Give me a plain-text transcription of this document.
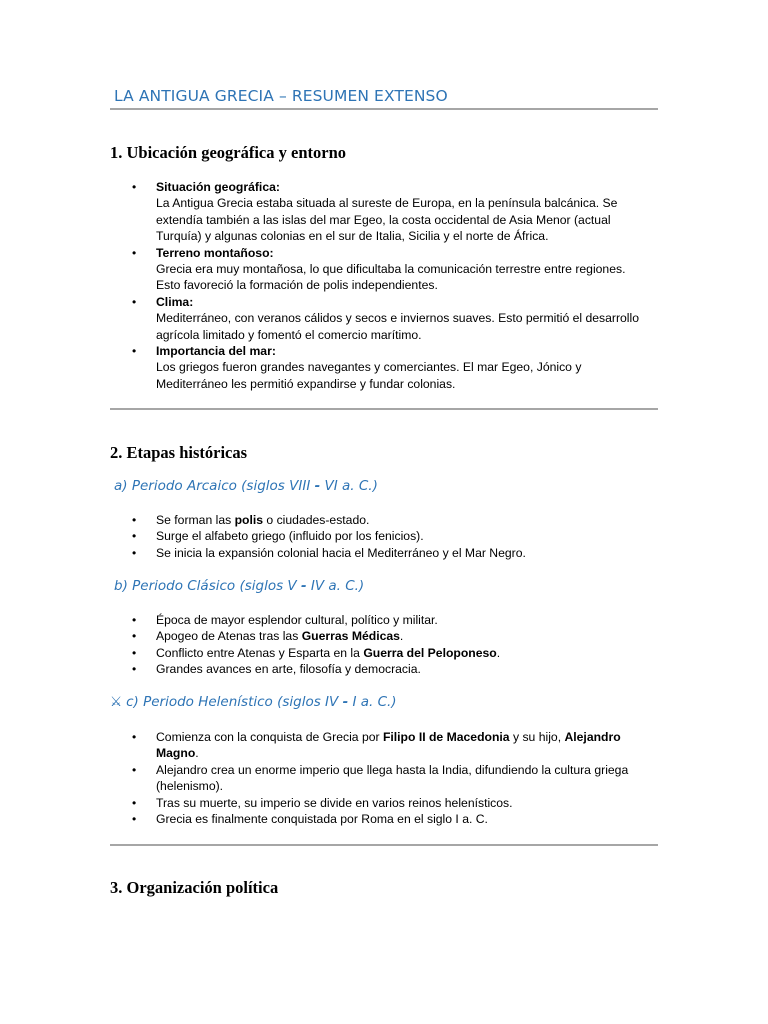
LA ANTIGUA GRECIA – RESUMEN EXTENSO
1. Ubicación geográfica y entorno
• Situación geográfica:
La Antigua Grecia estaba situada al sureste de Europa, en la península balcánica. Se extendía también a las islas del mar Egeo, la costa occidental de Asia Menor (actual Turquía) y algunas colonias en el sur de Italia, Sicilia y el norte de África.
• Terreno montañoso:
Grecia era muy montañosa, lo que dificultaba la comunicación terrestre entre regiones. Esto favoreció la formación de polis independientes.
• Clima:
Mediterráneo, con veranos cálidos y secos e inviernos suaves. Esto permitió el desarrollo agrícola limitado y fomentó el comercio marítimo.
• Importancia del mar:
Los griegos fueron grandes navegantes y comerciantes. El mar Egeo, Jónico y Mediterráneo les permitió expandirse y fundar colonias.
2. Etapas históricas
a) Periodo Arcaico (siglos VIII - VI a. C.)
• Se forman las polis o ciudades-estado.
• Surge el alfabeto griego (influido por los fenicios).
• Se inicia la expansión colonial hacia el Mediterráneo y el Mar Negro.
b) Periodo Clásico (siglos V - IV a. C.)
• Época de mayor esplendor cultural, político y militar.
• Apogeo de Atenas tras las Guerras Médicas.
• Conflicto entre Atenas y Esparta en la Guerra del Peloponeso.
• Grandes avances en arte, filosofía y democracia.
⚔ c) Periodo Helenístico (siglos IV - I a. C.)
• Comienza con la conquista de Grecia por Filipo II de Macedonia y su hijo, Alejandro Magno.
• Alejandro crea un enorme imperio que llega hasta la India, difundiendo la cultura griega (helenismo).
• Tras su muerte, su imperio se divide en varios reinos helenísticos.
• Grecia es finalmente conquistada por Roma en el siglo I a. C.
3. Organización política
